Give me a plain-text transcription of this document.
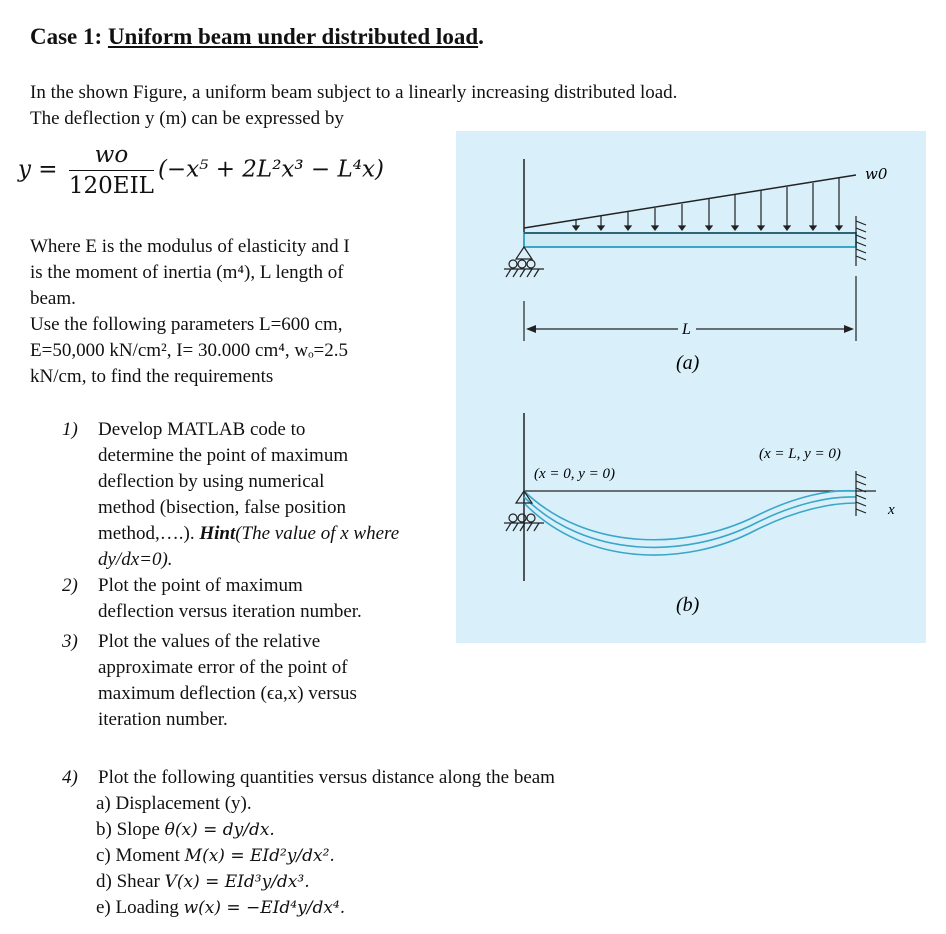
Case 1: Uniform beam under distributed load.
In the shown Figure, a uniform beam subject to a linearly increasing distributed load.
The deflection y (m) can be expressed by
$y = \frac{wo}{\text{120EIL}} (-x^5 + 2L^2x^3 - L^4x)$
Where E is the modulus of elasticity and I
is the moment of inertia (m⁴), L length of
beam.
Use the following parameters L=600 cm,
E=50,000 kN/cm², I= 30.000 cm⁴, wₒ=2.5
kN/cm, to find the requirements
1) Develop MATLAB code to
determine the point of maximum
deflection by using numerical
method (bisection, false position
method,….). Hint(The value of x where dy/dx=0).
2) Plot the point of maximum
deflection versus iteration number.
3) Plot the values of the relative
approximate error of the point of
maximum deflection (ϵa,x) versus
iteration number.
4) Plot the following quantities versus distance along the beam
a) Displacement (y).
b) Slope θ(x) = dy/dx.
c) Moment M(x) = EId²y/dx².
d) Shear V(x) = EId³y/dx³.
e) Loading w(x) = −EId⁴y/dx⁴.
w0
L
(a)
(x = 0, y = 0)
(x = L, y = 0)
x
(b)
